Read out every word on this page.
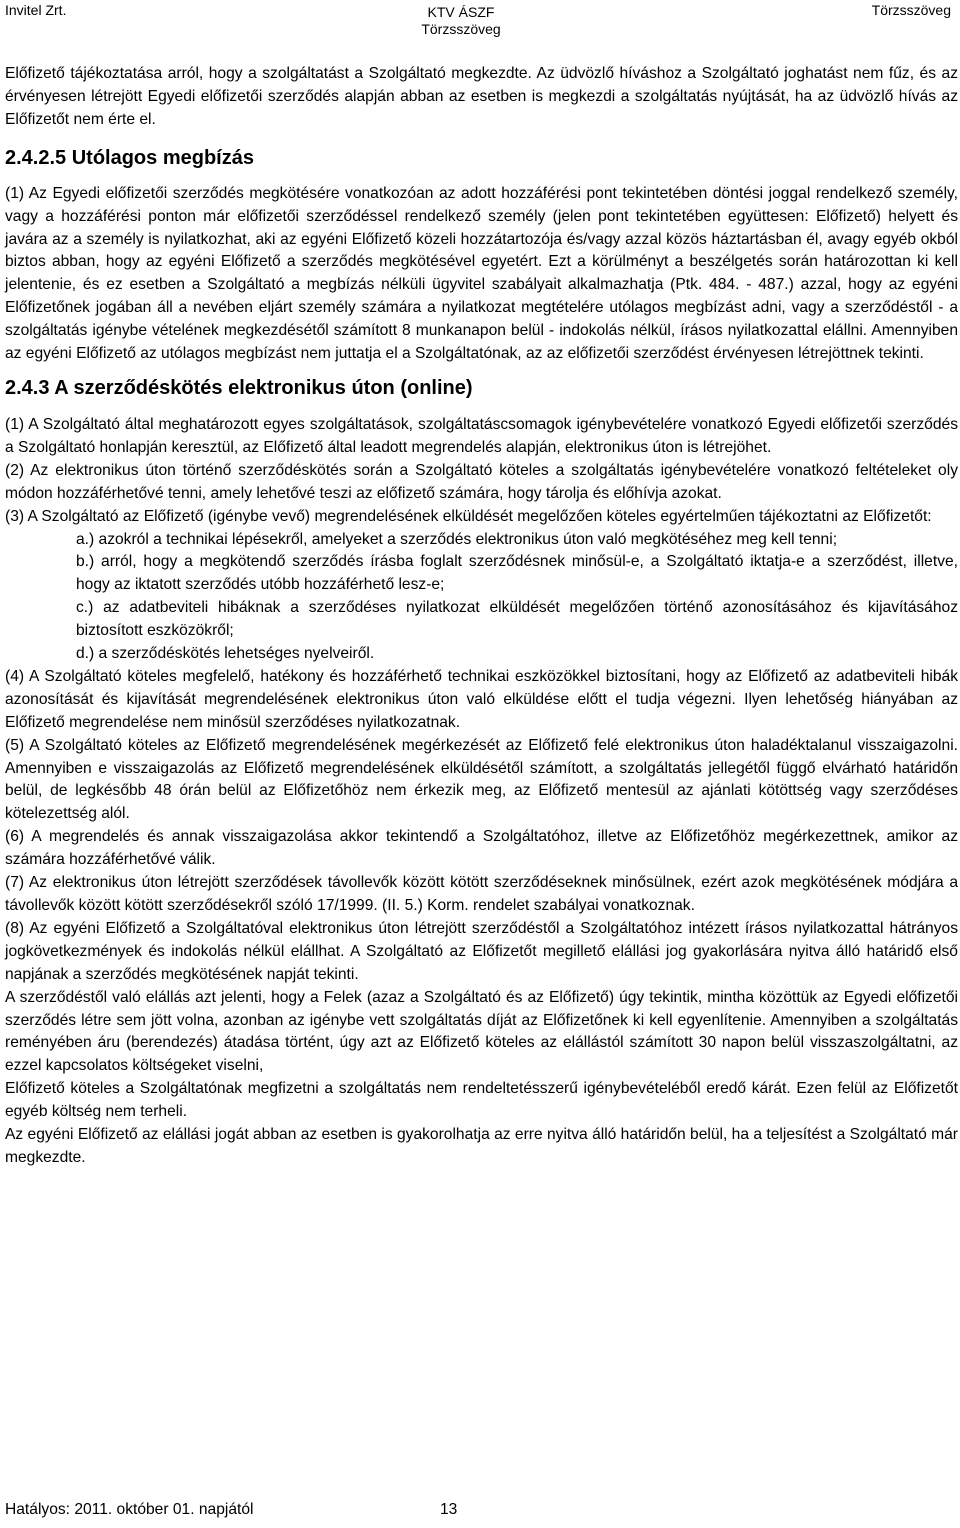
Invitel Zrt.	KTV ÁSZF
Törzsszöveg
Törzsszöveg

Előfizető tájékoztatása arról, hogy a szolgáltatást a Szolgáltató megkezdte. Az üdvözlő híváshoz a Szolgáltató joghatást nem fűz, és az érvényesen létrejött Egyedi előfizetői szerződés alapján abban az esetben is megkezdi a szolgáltatás nyújtását, ha az üdvözlő hívás az Előfizetőt nem érte el.

2.4.2.5 Utólagos megbízás

(1) Az Egyedi előfizetői szerződés megkötésére vonatkozóan az adott hozzáférési pont tekintetében döntési joggal rendelkező személy, vagy a hozzáférési ponton már előfizetői szerződéssel rendelkező személy (jelen pont tekintetében együttesen: Előfizető) helyett és javára az a személy is nyilatkozhat, aki az egyéni Előfizető közeli hozzátartozója és/vagy azzal közös háztartásban él, avagy egyéb okból biztos abban, hogy az egyéni Előfizető a szerződés megkötésével egyetért. Ezt a körülményt a beszélgetés során határozottan ki kell jelentenie, és ez esetben a Szolgáltató a megbízás nélküli ügyvitel szabályait alkalmazhatja (Ptk. 484. - 487.) azzal, hogy az egyéni Előfizetőnek jogában áll a nevében eljárt személy számára a nyilatkozat megtételére utólagos megbízást adni, vagy a szerződéstől - a szolgáltatás igénybe vételének megkezdésétől számított 8 munkanapon belül - indokolás nélkül, írásos nyilatkozattal elállni. Amennyiben az egyéni Előfizető az utólagos megbízást nem juttatja el a Szolgáltatónak, az az előfizetői szerződést érvényesen létrejöttnek tekinti.

2.4.3 A szerződéskötés elektronikus úton (online)

(1) A Szolgáltató által meghatározott egyes szolgáltatások, szolgáltatáscsomagok igénybevételére vonatkozó Egyedi előfizetői szerződés a Szolgáltató honlapján keresztül, az Előfizető által leadott megrendelés alapján, elektronikus úton is létrejöhet.

(2) Az elektronikus úton történő szerződéskötés során a Szolgáltató köteles a szolgáltatás igénybevételére vonatkozó feltételeket oly módon hozzáférhetővé tenni, amely lehetővé teszi az előfizető számára, hogy tárolja és előhívja azokat.

(3) A Szolgáltató az Előfizető (igénybe vevő) megrendelésének elküldését megelőzően köteles egyértelműen tájékoztatni az Előfizetőt:

a.) azokról a technikai lépésekről, amelyeket a szerződés elektronikus úton való megkötéséhez meg kell tenni;

b.) arról, hogy a megkötendő szerződés írásba foglalt szerződésnek minősül-e, a Szolgáltató iktatja-e a szerződést, illetve, hogy az iktatott szerződés utóbb hozzáférhető lesz-e;

c.) az adatbeviteli hibáknak a szerződéses nyilatkozat elküldését megelőzően történő azonosításához és kijavításához biztosított eszközökről;

d.) a szerződéskötés lehetséges nyelveiről.

(4) A Szolgáltató köteles megfelelő, hatékony és hozzáférhető technikai eszközökkel biztosítani, hogy az Előfizető az adatbeviteli hibák azonosítását és kijavítását megrendelésének elektronikus úton való elküldése előtt el tudja végezni. Ilyen lehetőség hiányában az Előfizető megrendelése nem minősül szerződéses nyilatkozatnak.

(5) A Szolgáltató köteles az Előfizető megrendelésének megérkezését az Előfizető felé elektronikus úton haladéktalanul visszaigazolni. Amennyiben e visszaigazolás az Előfizető megrendelésének elküldésétől számított, a szolgáltatás jellegétől függő elvárható határidőn belül, de legkésőbb 48 órán belül az Előfizetőhöz nem érkezik meg, az Előfizető mentesül az ajánlati kötöttség vagy szerződéses kötelezettség alól.

(6) A megrendelés és annak visszaigazolása akkor tekintendő a Szolgáltatóhoz, illetve az Előfizetőhöz megérkezettnek, amikor az számára hozzáférhetővé válik.

(7) Az elektronikus úton létrejött szerződések távollevők között kötött szerződéseknek minősülnek, ezért azok megkötésének módjára a távollevők között kötött szerződésekről szóló 17/1999. (II. 5.) Korm. rendelet szabályai vonatkoznak.

(8) Az egyéni Előfizető a Szolgáltatóval elektronikus úton létrejött szerződéstől a Szolgáltatóhoz intézett írásos nyilatkozattal hátrányos jogkövetkezmények és indokolás nélkül elállhat. A Szolgáltató az Előfizetőt megillető elállási jog gyakorlására nyitva álló határidő első napjának a szerződés megkötésének napját tekinti.

A szerződéstől való elállás azt jelenti, hogy a Felek (azaz a Szolgáltató és az Előfizető) úgy tekintik, mintha közöttük az Egyedi előfizetői szerződés létre sem jött volna, azonban az igénybe vett szolgáltatás díját az Előfizetőnek ki kell egyenlítenie. Amennyiben a szolgáltatás reményében áru (berendezés) átadása történt, úgy azt az Előfizető köteles az elállástól számított 30 napon belül visszaszolgáltatni, az ezzel kapcsolatos költségeket viselni,

Előfizető köteles a Szolgáltatónak megfizetni a szolgáltatás nem rendeltetésszerű igénybevételéből eredő kárát. Ezen felül az Előfizetőt egyéb költség nem terheli.

Az egyéni Előfizető az elállási jogát abban az esetben is gyakorolhatja az erre nyitva álló határidőn belül, ha a teljesítést a Szolgáltató már megkezdte.

Hatályos: 2011. október 01. napjától	13
